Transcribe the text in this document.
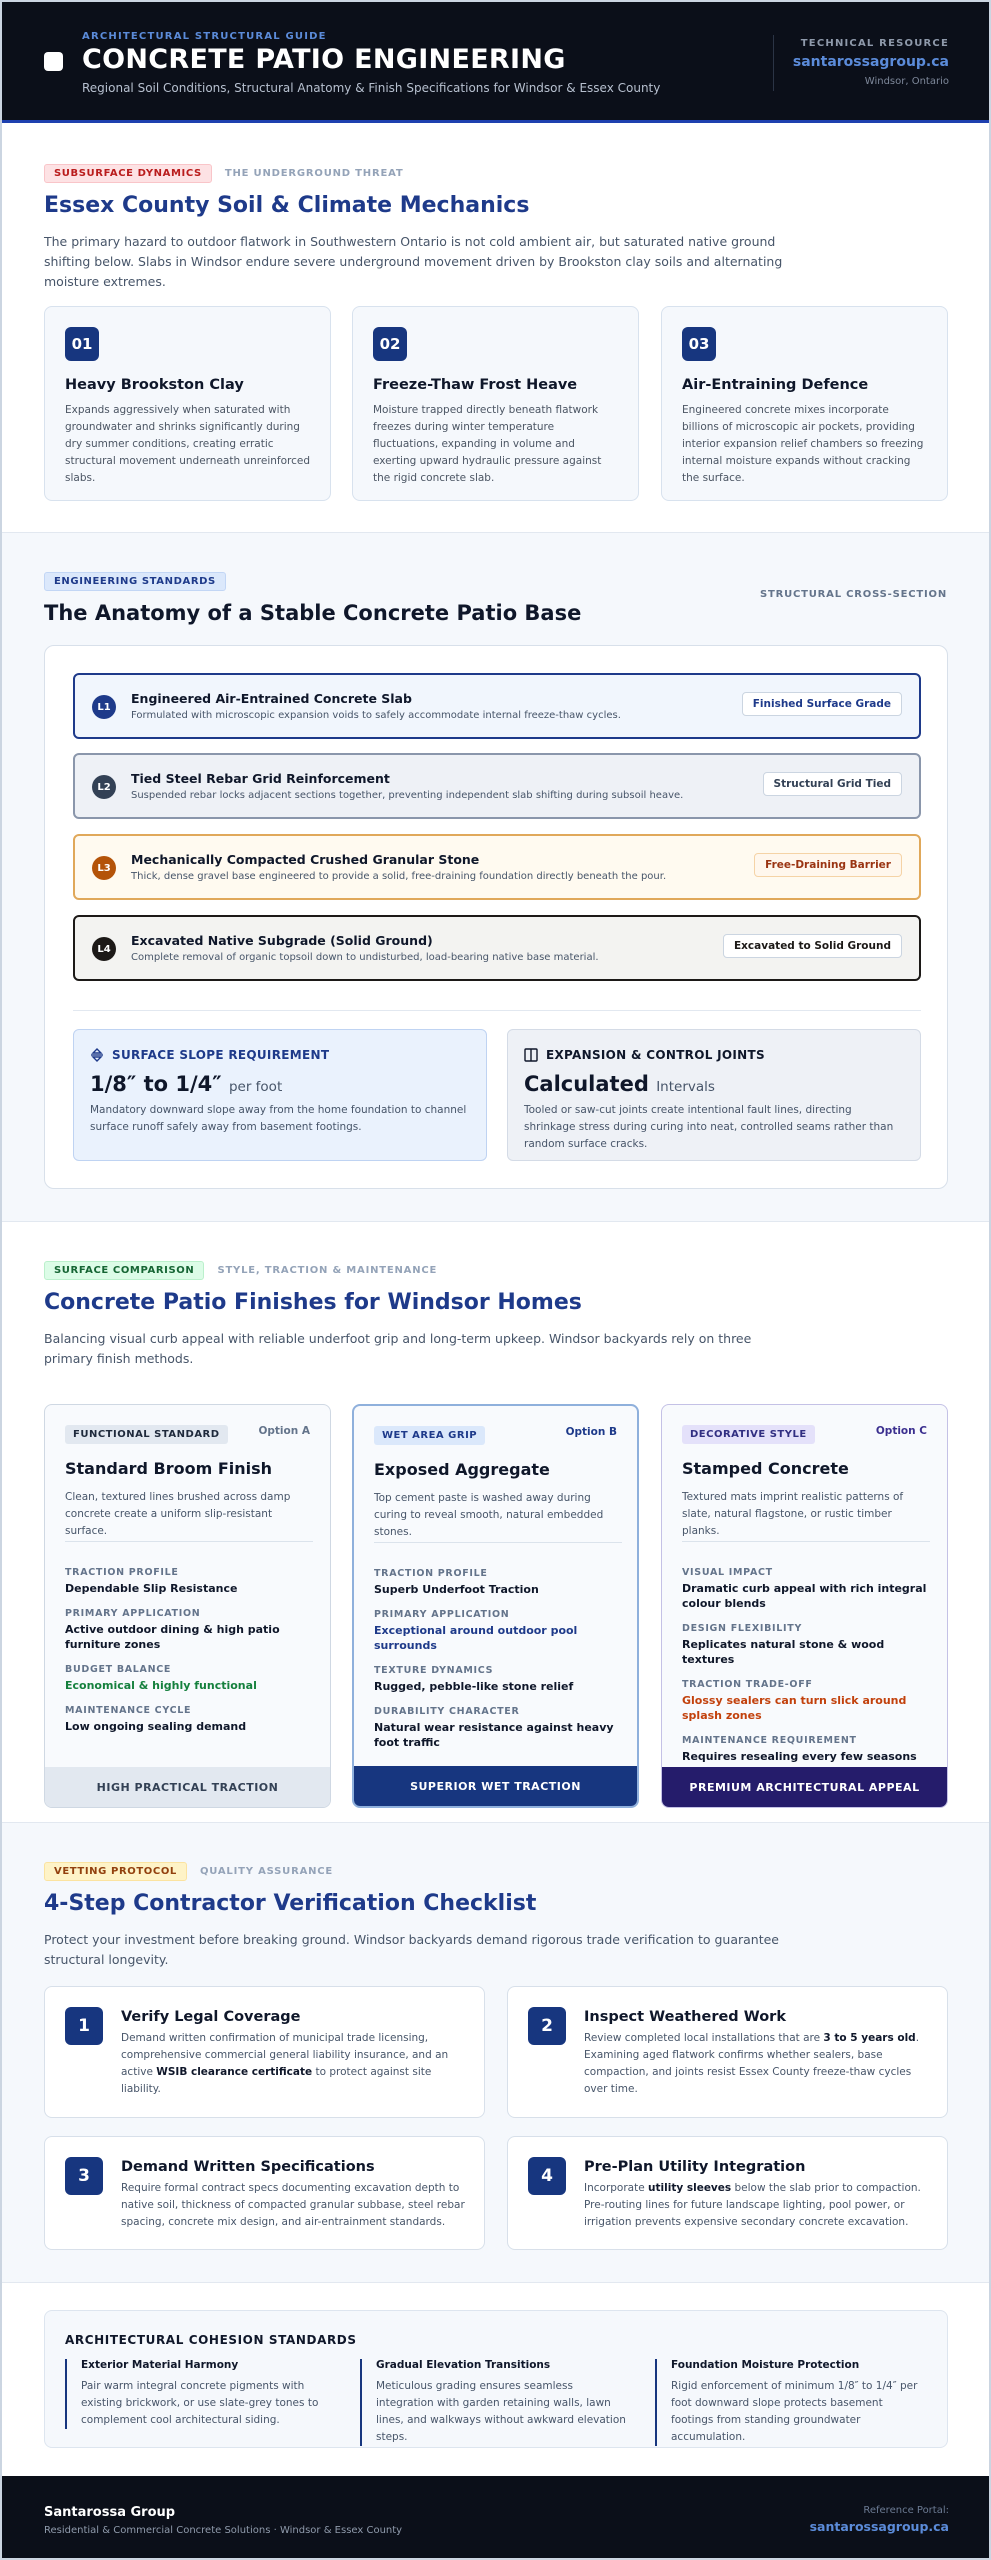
ARCHITECTURAL STRUCTURAL GUIDE
CONCRETE PATIO ENGINEERING
Regional Soil Conditions, Structural Anatomy & Finish Specifications for Windsor & Essex County
TECHNICAL RESOURCE
santarossagroup.ca
Windsor, Ontario
SUBSURFACE DYNAMICS THE UNDERGROUND THREAT
Essex County Soil & Climate Mechanics
The primary hazard to outdoor flatwork in Southwestern Ontario is not cold ambient air, but saturated native ground shifting below. Slabs in Windsor endure severe underground movement driven by Brookston clay soils and alternating moisture extremes.
01
Heavy Brookston Clay
Expands aggressively when saturated with groundwater and shrinks significantly during dry summer conditions, creating erratic structural movement underneath unreinforced slabs.
02
Freeze-Thaw Frost Heave
Moisture trapped directly beneath flatwork freezes during winter temperature fluctuations, expanding in volume and exerting upward hydraulic pressure against the rigid concrete slab.
03
Air-Entraining Defence
Engineered concrete mixes incorporate billions of microscopic air pockets, providing interior expansion relief chambers so freezing internal moisture expands without cracking the surface.
ENGINEERING STANDARDS
The Anatomy of a Stable Concrete Patio Base
STRUCTURAL CROSS-SECTION
L1
Engineered Air-Entrained Concrete Slab
Formulated with microscopic expansion voids to safely accommodate internal freeze-thaw cycles.
Finished Surface Grade
L2
Tied Steel Rebar Grid Reinforcement
Suspended rebar locks adjacent sections together, preventing independent slab shifting during subsoil heave.
Structural Grid Tied
L3
Mechanically Compacted Crushed Granular Stone
Thick, dense gravel base engineered to provide a solid, free-draining foundation directly beneath the pour.
Free-Draining Barrier
L4
Excavated Native Subgrade (Solid Ground)
Complete removal of organic topsoil down to undisturbed, load-bearing native base material.
Excavated to Solid Ground
SURFACE SLOPE REQUIREMENT
1/8″ to 1/4″ per foot
Mandatory downward slope away from the home foundation to channel surface runoff safely away from basement footings.
EXPANSION & CONTROL JOINTS
Calculated Intervals
Tooled or saw-cut joints create intentional fault lines, directing shrinkage stress during curing into neat, controlled seams rather than random surface cracks.
SURFACE COMPARISON STYLE, TRACTION & MAINTENANCE
Concrete Patio Finishes for Windsor Homes
Balancing visual curb appeal with reliable underfoot grip and long-term upkeep. Windsor backyards rely on three primary finish methods.
FUNCTIONAL STANDARD	Option A
Standard Broom Finish
Clean, textured lines brushed across damp concrete create a uniform slip-resistant surface.
TRACTION PROFILE
Dependable Slip Resistance
PRIMARY APPLICATION
Active outdoor dining & high patio furniture zones
BUDGET BALANCE
Economical & highly functional
MAINTENANCE CYCLE
Low ongoing sealing demand
HIGH PRACTICAL TRACTION
WET AREA GRIP	Option B
Exposed Aggregate
Top cement paste is washed away during curing to reveal smooth, natural embedded stones.
TRACTION PROFILE
Superb Underfoot Traction
PRIMARY APPLICATION
Exceptional around outdoor pool surrounds
TEXTURE DYNAMICS
Rugged, pebble-like stone relief
DURABILITY CHARACTER
Natural wear resistance against heavy foot traffic
SUPERIOR WET TRACTION
DECORATIVE STYLE	Option C
Stamped Concrete
Textured mats imprint realistic patterns of slate, natural flagstone, or rustic timber planks.
VISUAL IMPACT
Dramatic curb appeal with rich integral colour blends
DESIGN FLEXIBILITY
Replicates natural stone & wood textures
TRACTION TRADE-OFF
Glossy sealers can turn slick around splash zones
MAINTENANCE REQUIREMENT
Requires resealing every few seasons
PREMIUM ARCHITECTURAL APPEAL
VETTING PROTOCOL QUALITY ASSURANCE
4-Step Contractor Verification Checklist
Protect your investment before breaking ground. Windsor backyards demand rigorous trade verification to guarantee structural longevity.
1	Verify Legal Coverage
Demand written confirmation of municipal trade licensing, comprehensive commercial general liability insurance, and an active WSIB clearance certificate to protect against site liability.
2	Inspect Weathered Work
Review completed local installations that are 3 to 5 years old. Examining aged flatwork confirms whether sealers, base compaction, and joints resist Essex County freeze-thaw cycles over time.
3	Demand Written Specifications
Require formal contract specs documenting excavation depth to native soil, thickness of compacted granular subbase, steel rebar spacing, concrete mix design, and air-entrainment standards.
4	Pre-Plan Utility Integration
Incorporate utility sleeves below the slab prior to compaction. Pre-routing lines for future landscape lighting, pool power, or irrigation prevents expensive secondary concrete excavation.
ARCHITECTURAL COHESION STANDARDS
Exterior Material Harmony
Pair warm integral concrete pigments with existing brickwork, or use slate-grey tones to complement cool architectural siding.
Gradual Elevation Transitions
Meticulous grading ensures seamless integration with garden retaining walls, lawn lines, and walkways without awkward elevation steps.
Foundation Moisture Protection
Rigid enforcement of minimum 1/8″ to 1/4″ per foot downward slope protects basement footings from standing groundwater accumulation.
Santarossa Group
Residential & Commercial Concrete Solutions · Windsor & Essex County
Reference Portal:
santarossagroup.ca
